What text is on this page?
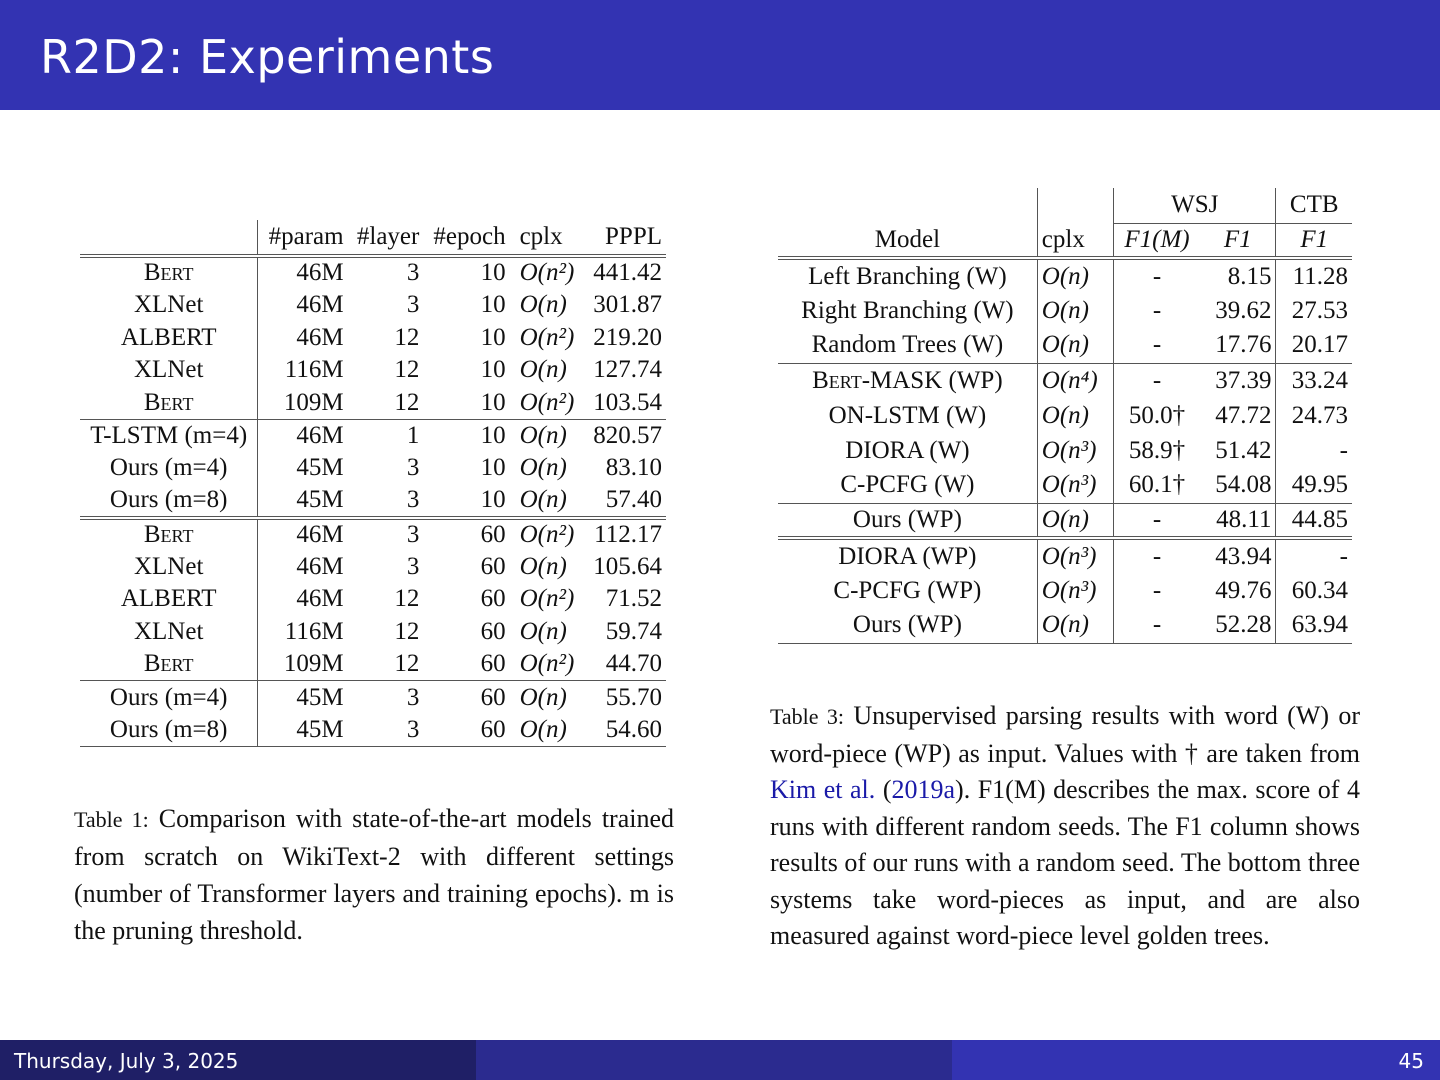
R2D2: Experiments
	#param	#layer	#epoch	cplx	PPPL
Bert	46M	3	10	O(n²)	441.42
XLNet	46M	3	10	O(n)	301.87
ALBERT	46M	12	10	O(n²)	219.20
XLNet	116M	12	10	O(n)	127.74
Bert	109M	12	10	O(n²)	103.54
T-LSTM (m=4)	46M	1	10	O(n)	820.57
Ours (m=4)	45M	3	10	O(n)	83.10
Ours (m=8)	45M	3	10	O(n)	57.40
Bert	46M	3	60	O(n²)	112.17
XLNet	46M	3	60	O(n)	105.64
ALBERT	46M	12	60	O(n²)	71.52
XLNet	116M	12	60	O(n)	59.74
Bert	109M	12	60	O(n²)	44.70
Ours (m=4)	45M	3	60	O(n)	55.70
Ours (m=8)	45M	3	60	O(n)	54.60
Table 1: Comparison with state-of-the-art models trained from scratch on WikiText-2 with different settings (number of Transformer layers and training epochs). m is the pruning threshold.
		WSJ		CTB
Model	cplx	F1(M)	F1	F1
Left Branching (W)	O(n)	-	8.15	11.28
Right Branching (W)	O(n)	-	39.62	27.53
Random Trees (W)	O(n)	-	17.76	20.17
Bert-MASK (WP)	O(n⁴)	-	37.39	33.24
ON-LSTM (W)	O(n)	50.0†	47.72	24.73
DIORA (W)	O(n³)	58.9†	51.42	-
C-PCFG (W)	O(n³)	60.1†	54.08	49.95
Ours (WP)	O(n)	-	48.11	44.85
DIORA (WP)	O(n³)	-	43.94	-
C-PCFG (WP)	O(n³)	-	49.76	60.34
Ours (WP)	O(n)	-	52.28	63.94
Table 3: Unsupervised parsing results with word (W) or word-piece (WP) as input. Values with † are taken from Kim et al. (2019a). F1(M) describes the max. score of 4 runs with different random seeds. The F1 column shows results of our runs with a random seed. The bottom three systems take word-pieces as input, and are also measured against word-piece level golden trees.
Thursday, July 3, 2025	45
